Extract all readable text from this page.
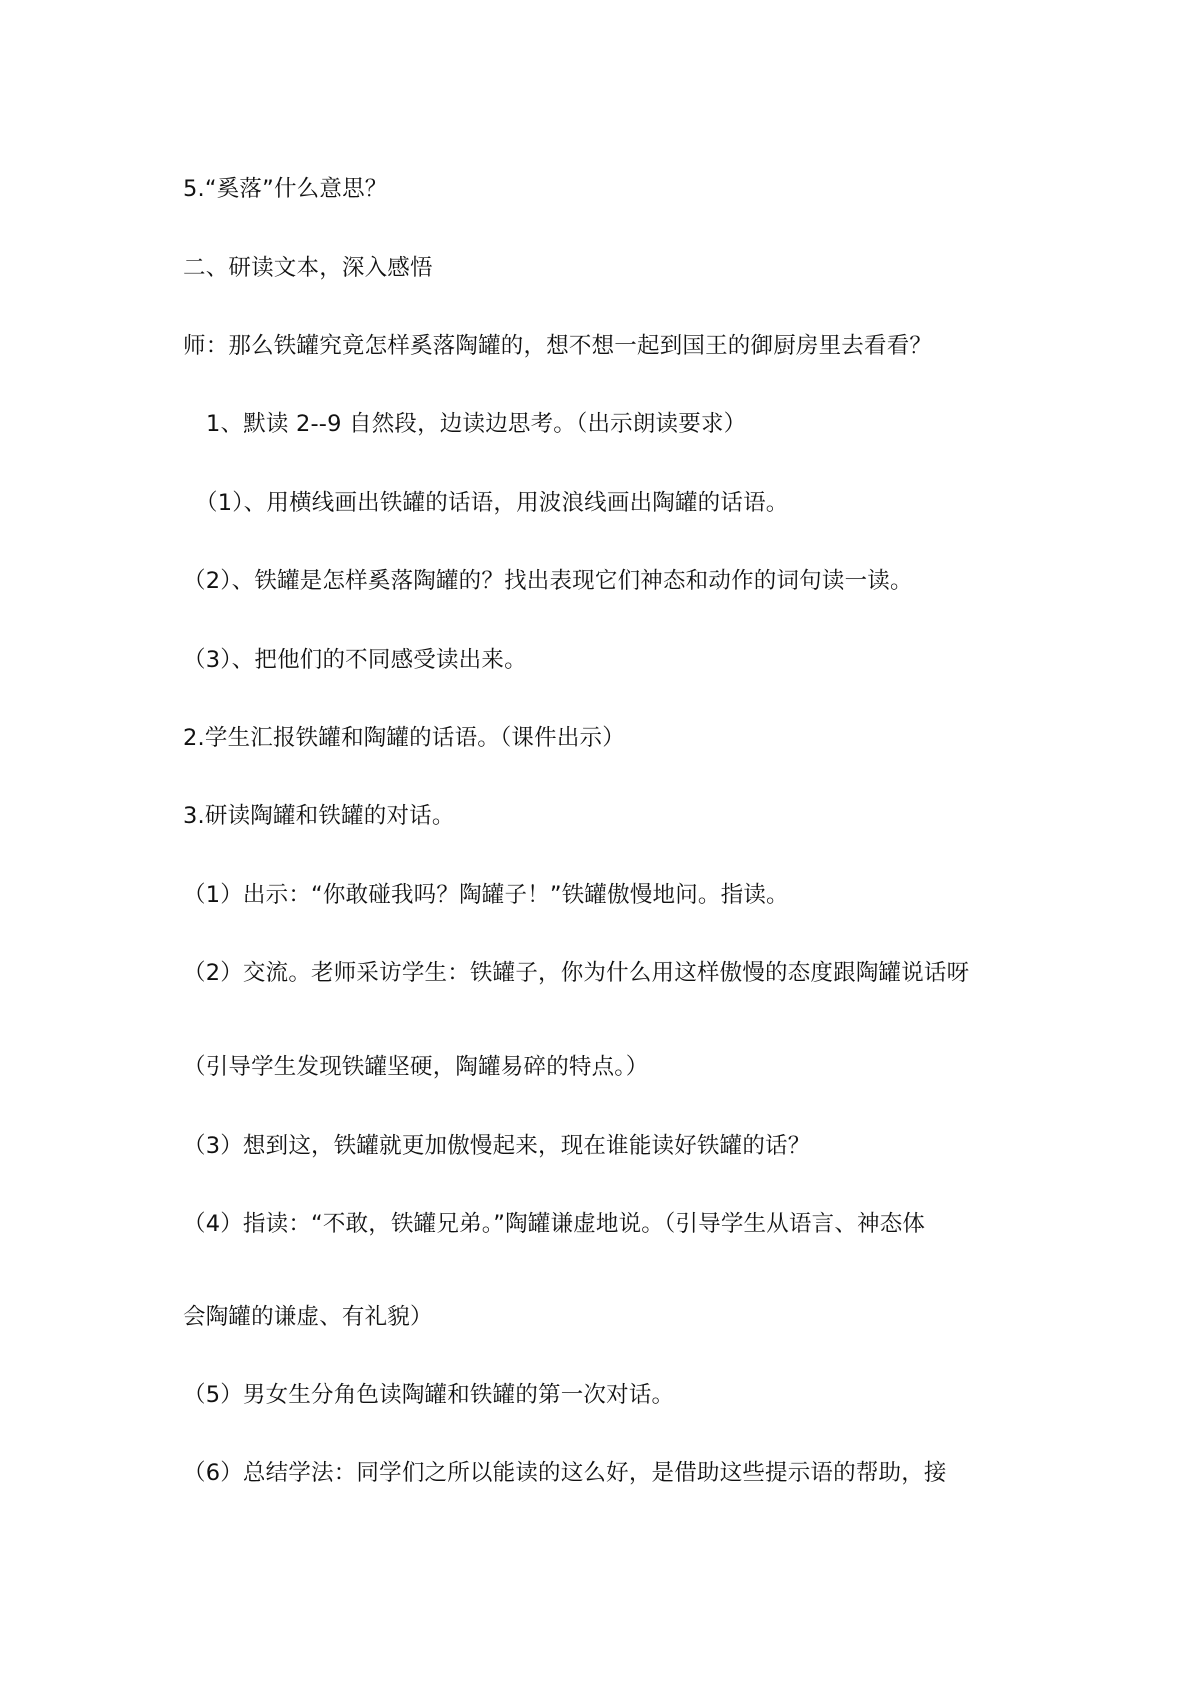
5.“奚落”什么意思？
二、研读文本，深入感悟
师：那么铁罐究竟怎样奚落陶罐的，想不想一起到国王的御厨房里去看看？
1、默读 2--9 自然段，边读边思考。（出示朗读要求）
（1）、用横线画出铁罐的话语，用波浪线画出陶罐的话语。
（2）、铁罐是怎样奚落陶罐的？找出表现它们神态和动作的词句读一读。
（3）、把他们的不同感受读出来。
2.学生汇报铁罐和陶罐的话语。（课件出示）
3.研读陶罐和铁罐的对话。
（1）出示：“你敢碰我吗？陶罐子！”铁罐傲慢地问。指读。
（2）交流。老师采访学生：铁罐子，你为什么用这样傲慢的态度跟陶罐说话呀
（引导学生发现铁罐坚硬，陶罐易碎的特点。）
（3）想到这，铁罐就更加傲慢起来，现在谁能读好铁罐的话？
（4）指读：“不敢，铁罐兄弟。”陶罐谦虚地说。（引导学生从语言、神态体
会陶罐的谦虚、有礼貌）
（5）男女生分角色读陶罐和铁罐的第一次对话。
（6）总结学法：同学们之所以能读的这么好，是借助这些提示语的帮助，接
